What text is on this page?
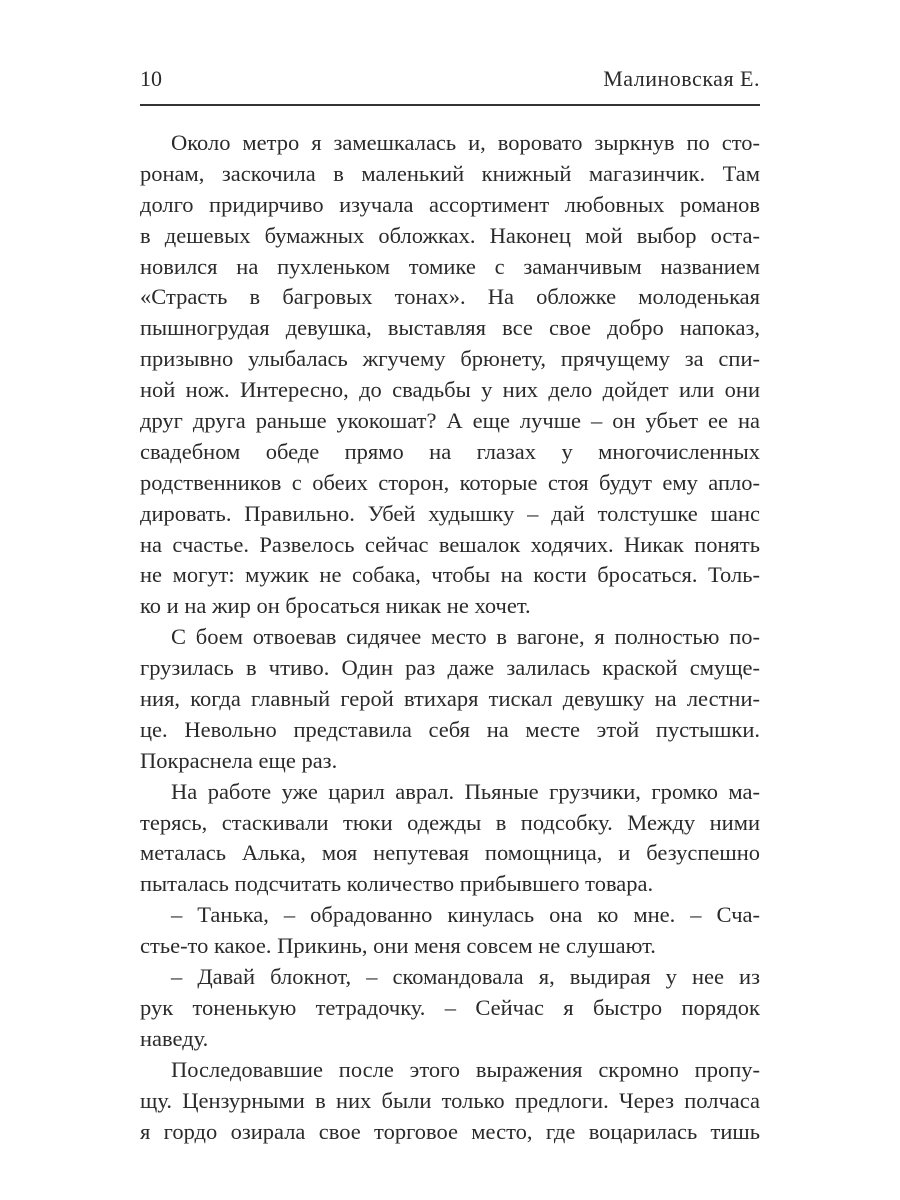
10	Малиновская Е.
Около метро я замешкалась и, воровато зыркнув по сто-
ронам, заскочила в маленький книжный магазинчик. Там
долго придирчиво изучала ассортимент любовных романов
в дешевых бумажных обложках. Наконец мой выбор оста-
новился на пухленьком томике с заманчивым названием
«Страсть в багровых тонах». На обложке молоденькая
пышногрудая девушка, выставляя все свое добро напоказ,
призывно улыбалась жгучему брюнету, прячущему за спи-
ной нож. Интересно, до свадьбы у них дело дойдет или они
друг друга раньше укокошат? А еще лучше – он убьет ее на
свадебном обеде прямо на глазах у многочисленных
родственников с обеих сторон, которые стоя будут ему апло-
дировать. Правильно. Убей худышку – дай толстушке шанс
на счастье. Развелось сейчас вешалок ходячих. Никак понять
не могут: мужик не собака, чтобы на кости бросаться. Толь-
ко и на жир он бросаться никак не хочет.
С боем отвоевав сидячее место в вагоне, я полностью по-
грузилась в чтиво. Один раз даже залилась краской смуще-
ния, когда главный герой втихаря тискал девушку на лестни-
це. Невольно представила себя на месте этой пустышки.
Покраснела еще раз.
На работе уже царил аврал. Пьяные грузчики, громко ма-
терясь, стаскивали тюки одежды в подсобку. Между ними
металась Алька, моя непутевая помощница, и безуспешно
пыталась подсчитать количество прибывшего товара.
– Танька, – обрадованно кинулась она ко мне. – Сча-
стье-то какое. Прикинь, они меня совсем не слушают.
– Давай блокнот, – скомандовала я, выдирая у нее из
рук тоненькую тетрадочку. – Сейчас я быстро порядок
наведу.
Последовавшие после этого выражения скромно пропу-
щу. Цензурными в них были только предлоги. Через полчаса
я гордо озирала свое торговое место, где воцарилась тишь
